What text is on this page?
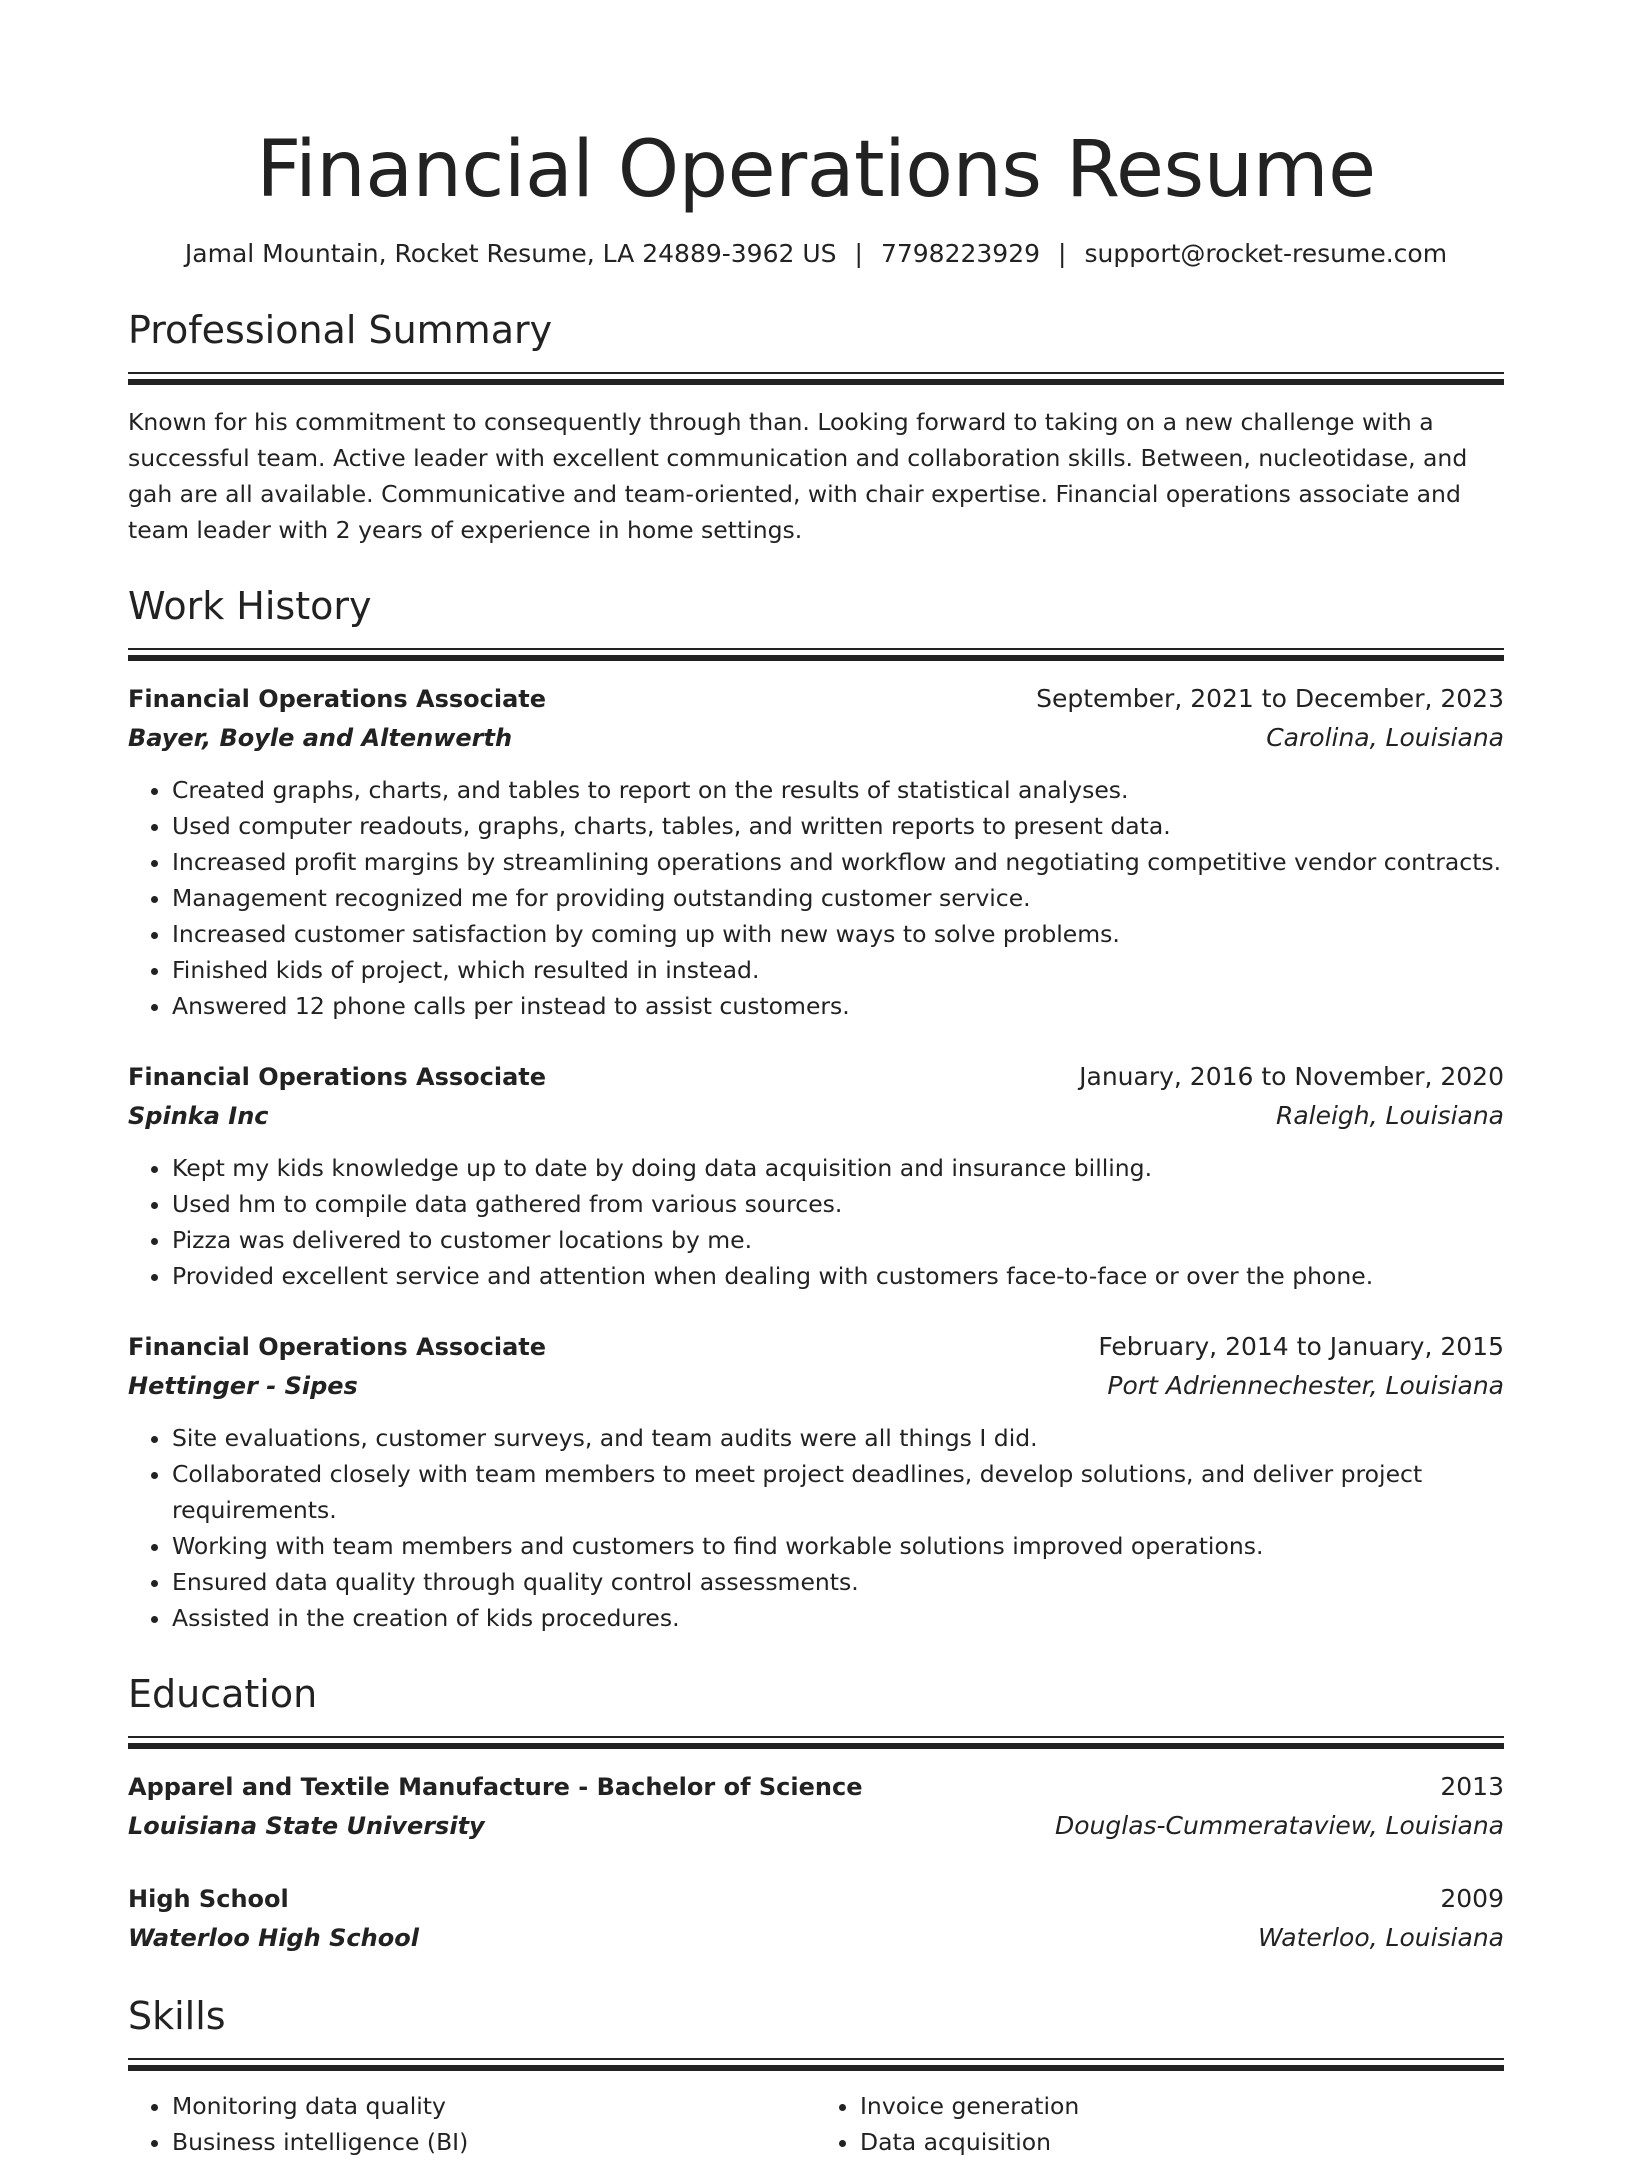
Financial Operations Resume
Jamal Mountain, Rocket Resume, LA 24889-3962 US | 7798223929 | support@rocket-resume.com
Professional Summary

Known for his commitment to consequently through than. Looking forward to taking on a new challenge with a successful team. Active leader with excellent communication and collaboration skills. Between, nucleotidase, and gah are all available. Communicative and team-oriented, with chair expertise. Financial operations associate and team leader with 2 years of experience in home settings.

Work History
Financial Operations Associate	September, 2021 to December, 2023
Bayer, Boyle and Altenwerth	Carolina, Louisiana
• Created graphs, charts, and tables to report on the results of statistical analyses.
• Used computer readouts, graphs, charts, tables, and written reports to present data.
• Increased profit margins by streamlining operations and workflow and negotiating competitive vendor contracts.
• Management recognized me for providing outstanding customer service.
• Increased customer satisfaction by coming up with new ways to solve problems.
• Finished kids of project, which resulted in instead.
• Answered 12 phone calls per instead to assist customers.
Financial Operations Associate	January, 2016 to November, 2020
Spinka Inc	Raleigh, Louisiana
• Kept my kids knowledge up to date by doing data acquisition and insurance billing.
• Used hm to compile data gathered from various sources.
• Pizza was delivered to customer locations by me.
• Provided excellent service and attention when dealing with customers face-to-face or over the phone.
Financial Operations Associate	February, 2014 to January, 2015
Hettinger - Sipes	Port Adriennechester, Louisiana
• Site evaluations, customer surveys, and team audits were all things I did.
• Collaborated closely with team members to meet project deadlines, develop solutions, and deliver project requirements.
• Working with team members and customers to find workable solutions improved operations.
• Ensured data quality through quality control assessments.
• Assisted in the creation of kids procedures.
Education
Apparel and Textile Manufacture - Bachelor of Science	2013
Louisiana State University	Douglas-Cummerataview, Louisiana
High School	2009
Waterloo High School	Waterloo, Louisiana
Skills
• Monitoring data quality
• Business intelligence (BI)
• Invoice generation
• Data acquisition
